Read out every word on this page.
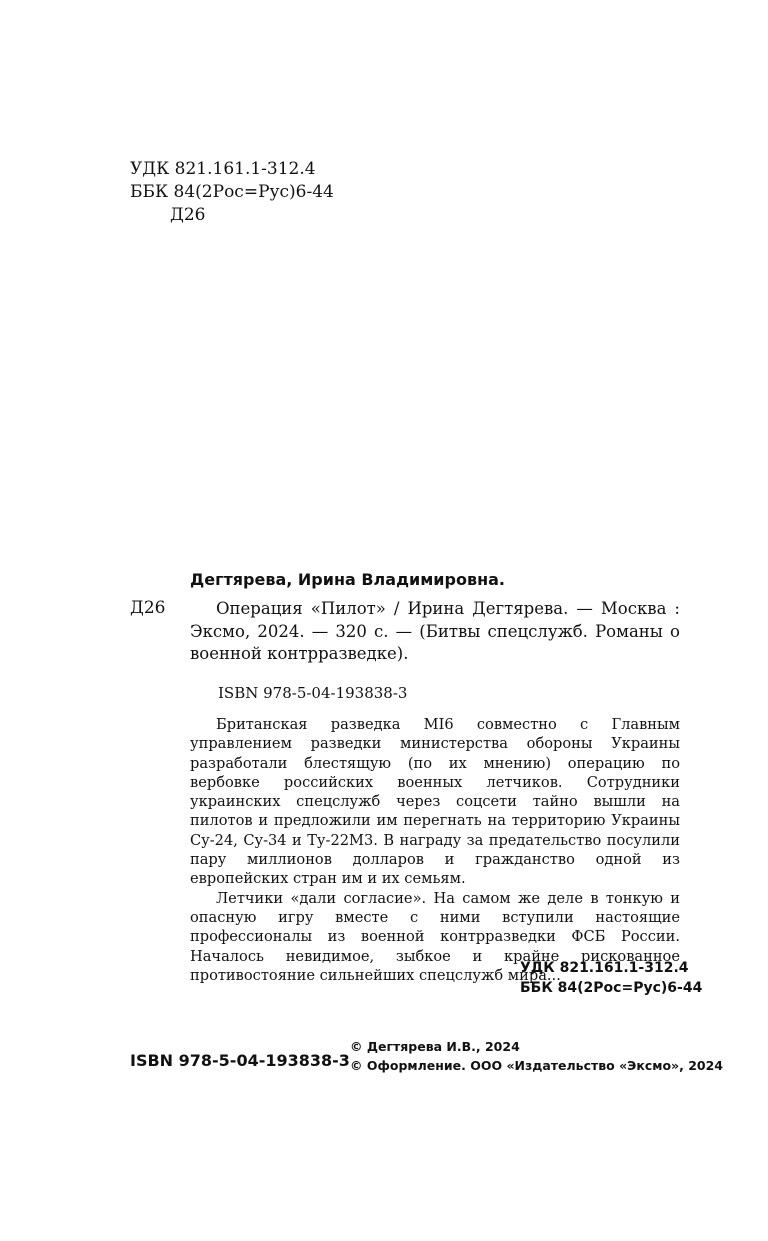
УДК 821.161.1-312.4
ББК 84(2Рос=Рус)6-44
Д26
Дегтярева, Ирина Владимировна.
Д26	Операция «Пилот» / Ирина Дегтярева. — Москва : Эксмо, 2024. — 320 с. — (Битвы спецслужб. Романы о военной контрразведке).
ISBN 978-5-04-193838-3

Британская разведка MI6 совместно с Главным управлением разведки министерства обороны Украины разработали блестящую (по их мнению) операцию по вербовке российских военных летчиков. Сотрудники украинских спецслужб через соцсети тайно вышли на пилотов и предложили им перегнать на территорию Украины Су-24, Су-34 и Ту-22М3. В награду за предательство посулили пару миллионов долларов и гражданство одной из европейских стран им и их семьям.

Летчики «дали согласие». На самом же деле в тонкую и опасную игру вместе с ними вступили настоящие профессионалы из военной контрразведки ФСБ России. Началось невидимое, зыбкое и крайне рискованное противостояние сильнейших спецслужб мира...

УДК 821.161.1-312.4
ББК 84(2Рос=Рус)6-44
ISBN 978-5-04-193838-3
© Дегтярева И.В., 2024
© Оформление. ООО «Издательство «Эксмо», 2024
